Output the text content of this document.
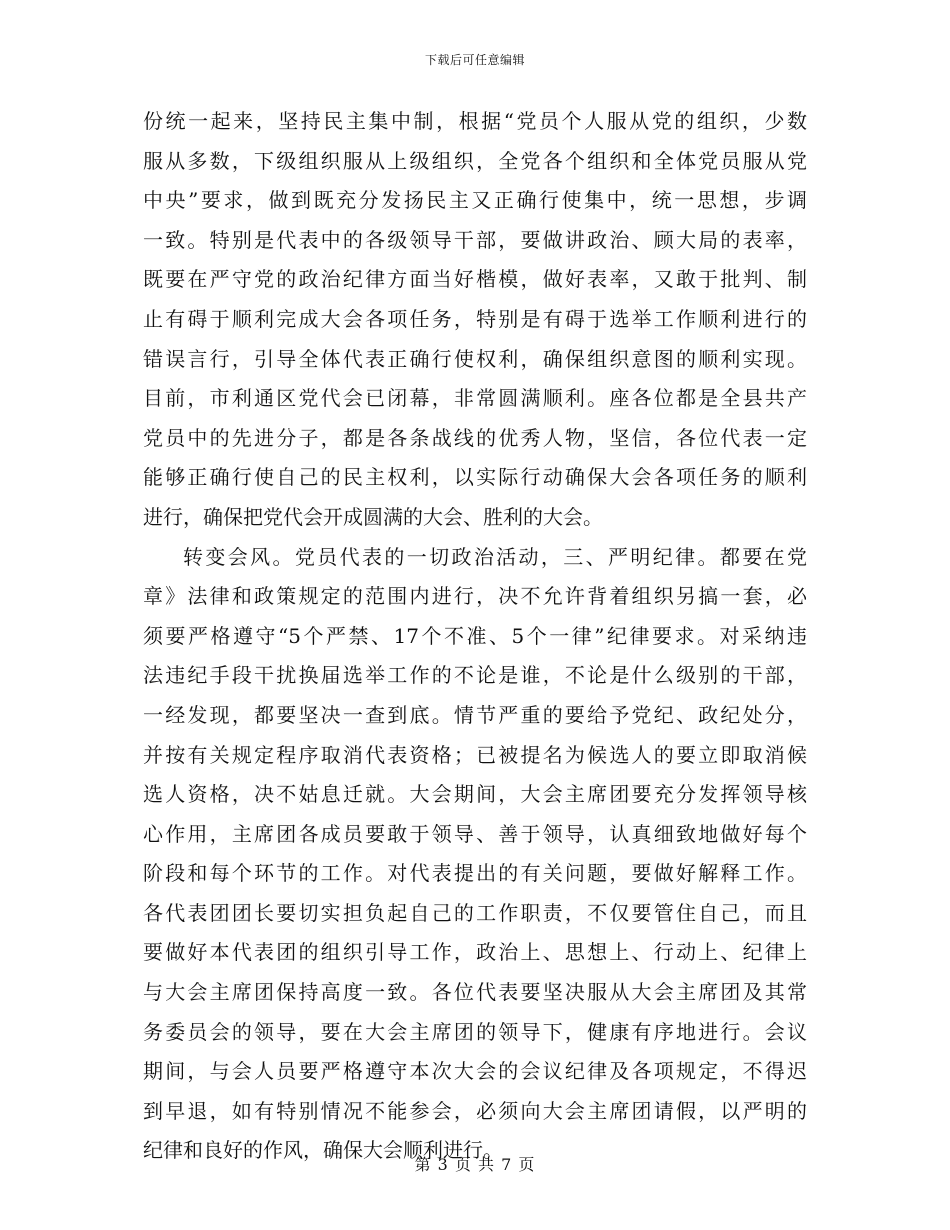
下载后可任意编辑
份统一起来，坚持民主集中制，根据“党员个人服从党的组织，少数
服从多数，下级组织服从上级组织，全党各个组织和全体党员服从党
中央”要求，做到既充分发扬民主又正确行使集中，统一思想，步调
一致。特别是代表中的各级领导干部，要做讲政治、顾大局的表率，
既要在严守党的政治纪律方面当好楷模，做好表率，又敢于批判、制
止有碍于顺利完成大会各项任务，特别是有碍于选举工作顺利进行的
错误言行，引导全体代表正确行使权利，确保组织意图的顺利实现。
目前，市利通区党代会已闭幕，非常圆满顺利。座各位都是全县共产
党员中的先进分子，都是各条战线的优秀人物，坚信，各位代表一定
能够正确行使自己的民主权利，以实际行动确保大会各项任务的顺利
进行，确保把党代会开成圆满的大会、胜利的大会。
转变会风。党员代表的一切政治活动，三、严明纪律。都要在党
章》法律和政策规定的范围内进行，决不允许背着组织另搞一套，必
须要严格遵守“5个严禁、17个不准、5个一律”纪律要求。对采纳违
法违纪手段干扰换届选举工作的不论是谁，不论是什么级别的干部，
一经发现，都要坚决一查到底。情节严重的要给予党纪、政纪处分，
并按有关规定程序取消代表资格；已被提名为候选人的要立即取消候
选人资格，决不姑息迁就。大会期间，大会主席团要充分发挥领导核
心作用，主席团各成员要敢于领导、善于领导，认真细致地做好每个
阶段和每个环节的工作。对代表提出的有关问题，要做好解释工作。
各代表团团长要切实担负起自己的工作职责，不仅要管住自己，而且
要做好本代表团的组织引导工作，政治上、思想上、行动上、纪律上
与大会主席团保持高度一致。各位代表要坚决服从大会主席团及其常
务委员会的领导，要在大会主席团的领导下，健康有序地进行。会议
期间，与会人员要严格遵守本次大会的会议纪律及各项规定，不得迟
到早退，如有特别情况不能参会，必须向大会主席团请假，以严明的
纪律和良好的作风，确保大会顺利进行。
第 3 页 共 7 页
